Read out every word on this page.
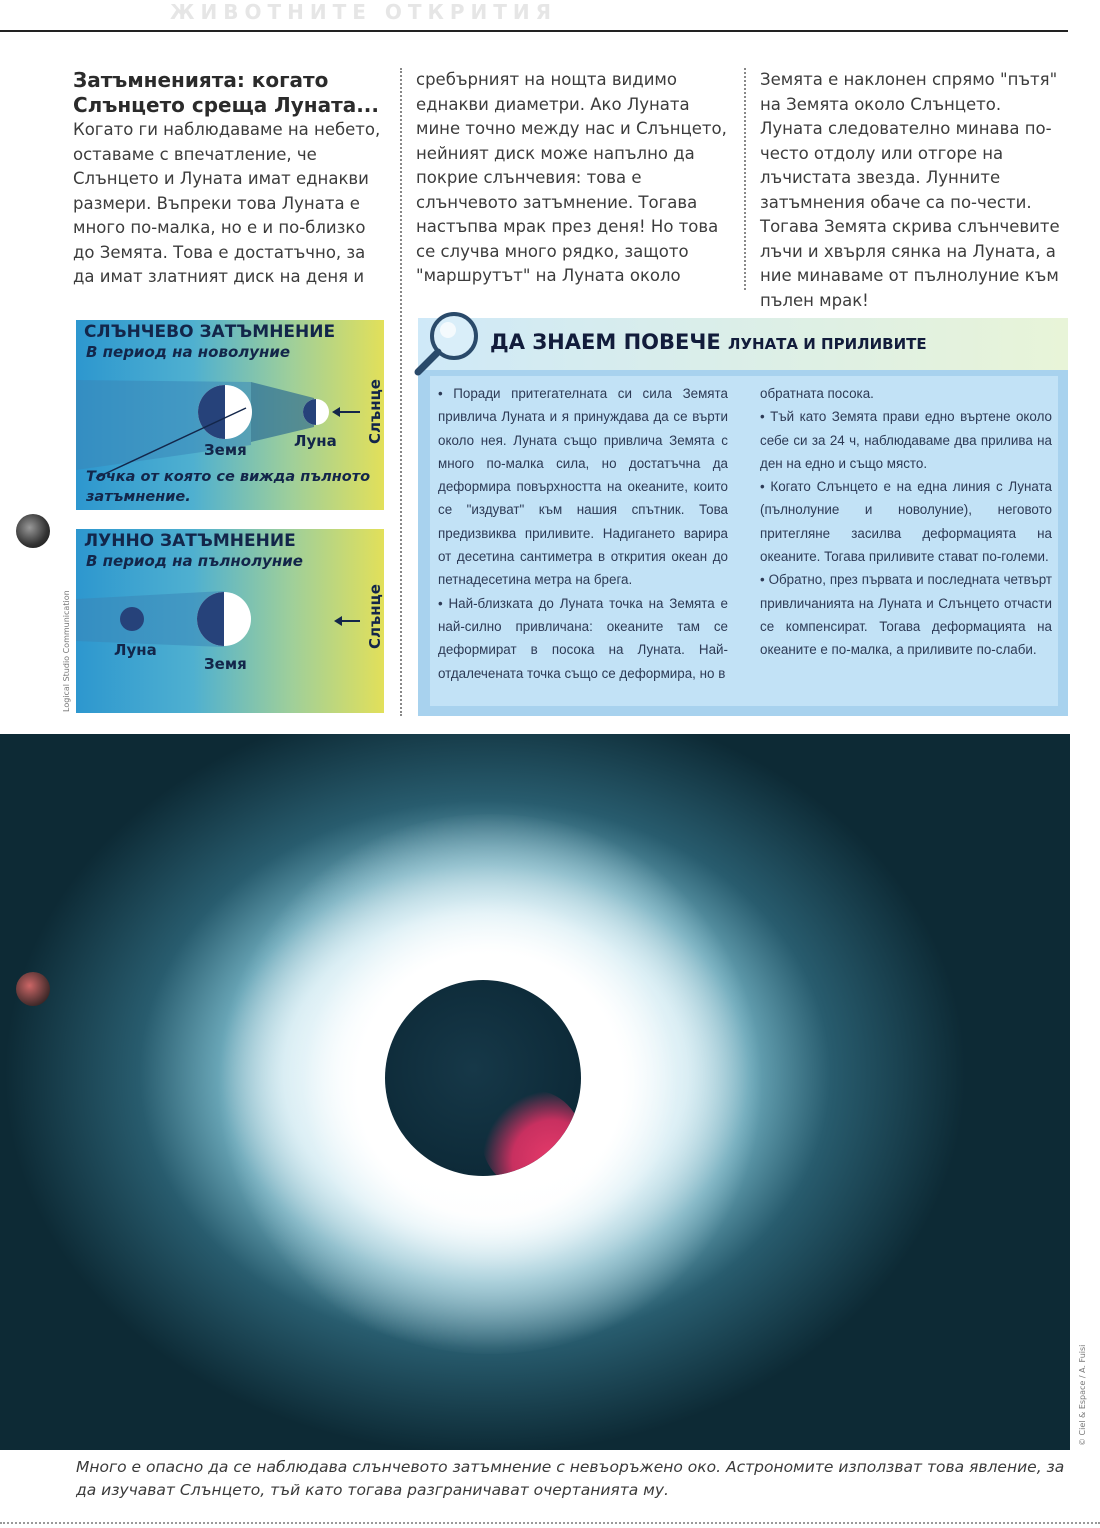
ЖИВОТНИТЕ ОТКРИТИЯ
Затъмненията: когато Слънцето среща Луната...
Когато ги наблюдаваме на небето, оставаме с впечатление, че Слънцето и Луната имат еднакви размери. Въпреки това Луната е много по-малка, но е и по-близко до Земята. Това е достатъчно, за да имат златният диск на деня и
сребърният на нощта видимо еднакви диаметри. Ако Луната мине точно между нас и Слънцето, нейният диск може напълно да покрие слънчевия: това е слънчевото затъмнение. Тогава настъпва мрак през деня! Но това се случва много рядко, защото "маршрутът" на Луната около
Земята е наклонен спрямо "пътя" на Земята около Слънцето. Луната следователно минава по-често отдолу или отгоре на лъчистата звезда. Лунните затъмнения обаче са по-чести. Тогава Земята скрива слънчевите лъчи и хвърля сянка на Луната, а ние минаваме от пълнолуние към пълен мрак!
СЛЪНЧЕВО ЗАТЪМНЕНИЕ
В период на новолуние
Земя	Луна Слънце
Точка от която се вижда пълното затъмнение.
ЛУННО ЗАТЪМНЕНИЕ
В период на пълнолуние
Луна
Земя
Слънце
Logical Studio Communication
ДА ЗНАЕМ ПОВЕЧЕ ЛУНАТА И ПРИЛИВИТЕ

• Поради притегателната си сила Земята привлича Луната и я принуждава да се върти около нея. Луната също привлича Земята с много по-малка сила, но достатъчна да деформира повърхността на океаните, които се "издуват" към нашия спътник. Това предизвиква приливите. Надигането варира от десетина сантиметра в открития океан до петнадесетина метра на брега.

• Най-близката до Луната точка на Земята е най-силно привличана: океаните там се деформират в посока на Луната. Най-отдалечената точка също се деформира, но в

обратната посока.

• Тъй като Земята прави едно въртене около себе си за 24 ч, наблюдаваме два прилива на ден на едно и също място.

• Когато Слънцето е на една линия с Луната (пълнолуние и новолуние), неговото притегляне засилва деформацията на океаните. Тогава приливите стават по-големи.

• Обратно, през първата и последната четвърт привличанията на Луната и Слънцето отчасти се компенсират. Тогава деформацията на океаните е по-малка, а приливите по-слаби.

© Ciel & Espace / A. Fuisi
Много е опасно да се наблюдава слънчевото затъмнение с невъоръжено око. Астрономите използват това явление, за да изучават Слънцето, тъй като тогава разграничават очертанията му.
